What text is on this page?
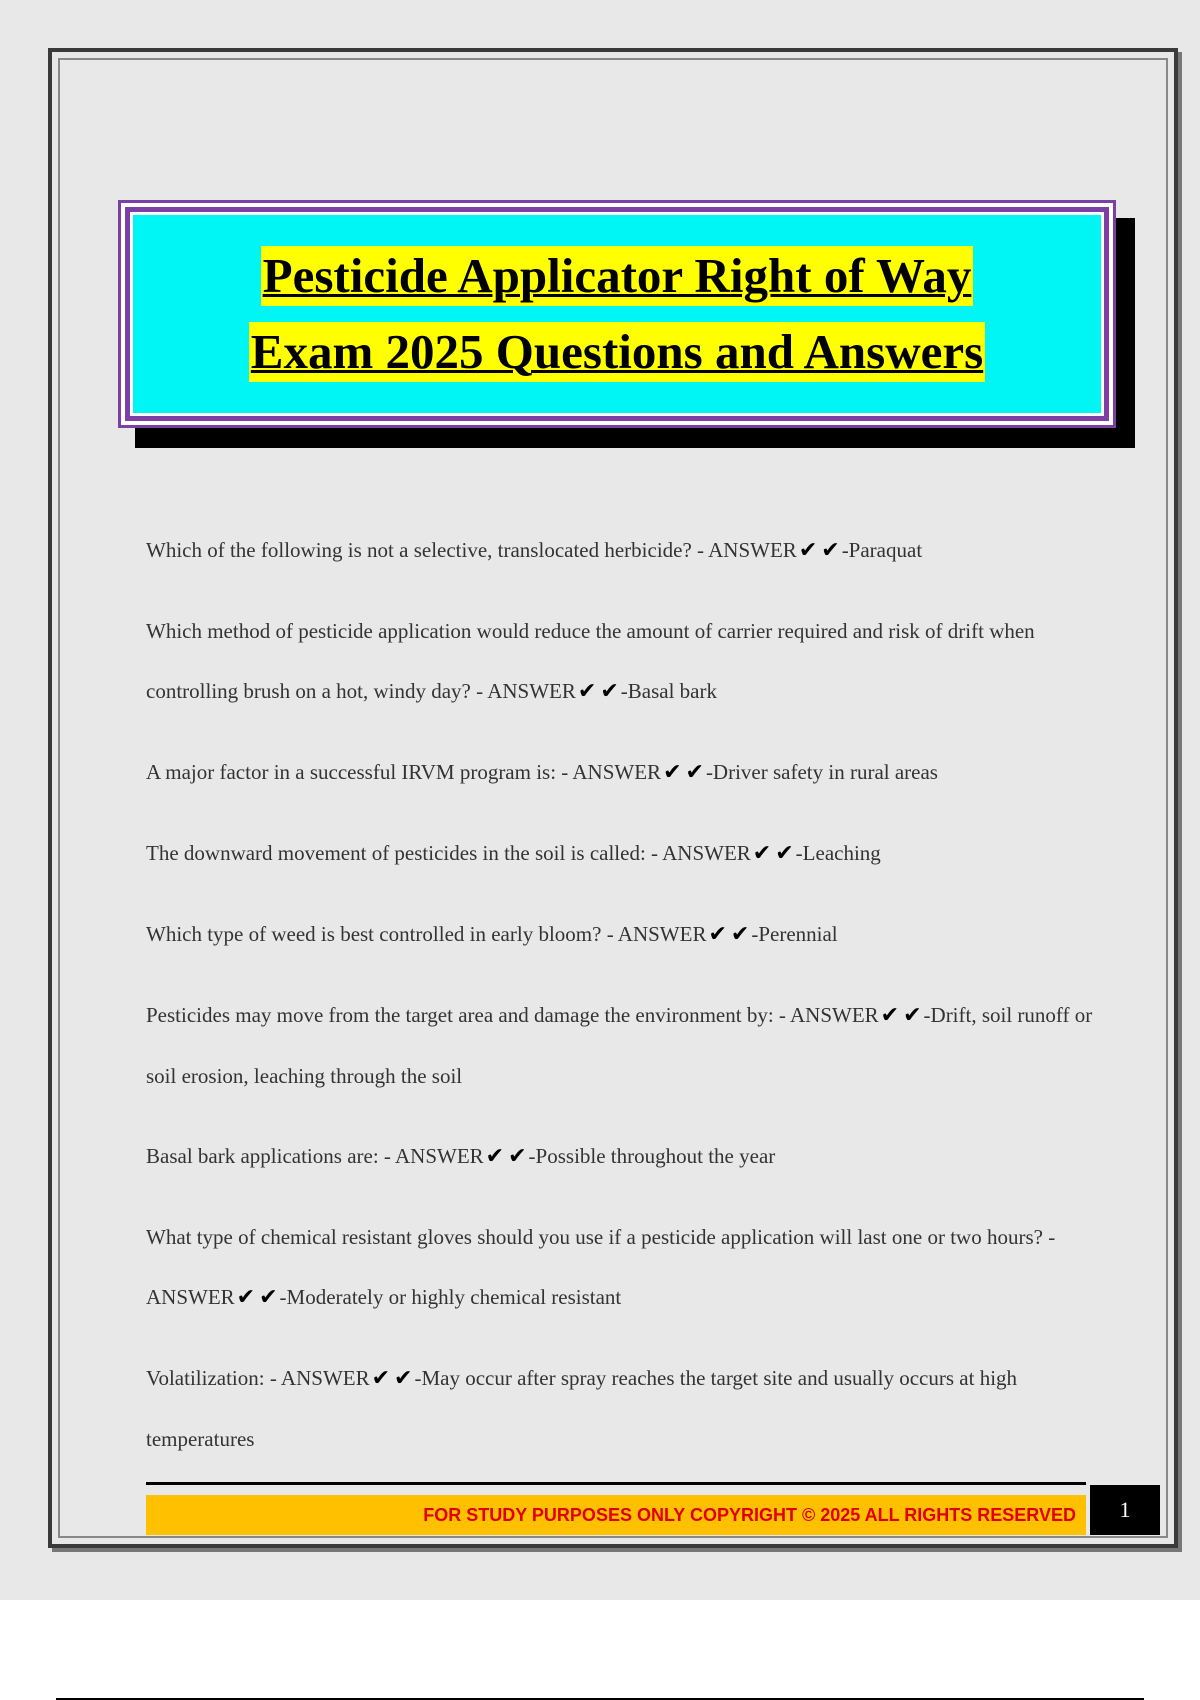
Pesticide Applicator Right of Way
Exam 2025 Questions and Answers

Which of the following is not a selective, translocated herbicide? - ANSWER✔ ✔-Paraquat

Which method of pesticide application would reduce the amount of carrier required and risk of drift when controlling brush on a hot, windy day? - ANSWER✔ ✔-Basal bark

A major factor in a successful IRVM program is: - ANSWER✔ ✔-Driver safety in rural areas

The downward movement of pesticides in the soil is called: - ANSWER✔ ✔-Leaching

Which type of weed is best controlled in early bloom? - ANSWER✔ ✔-Perennial

Pesticides may move from the target area and damage the environment by: - ANSWER✔ ✔-Drift, soil runoff or soil erosion, leaching through the soil

Basal bark applications are: - ANSWER✔ ✔-Possible throughout the year

What type of chemical resistant gloves should you use if a pesticide application will last one or two hours? - ANSWER✔ ✔-Moderately or highly chemical resistant

Volatilization: - ANSWER✔ ✔-May occur after spray reaches the target site and usually occurs at high temperatures

FOR STUDY PURPOSES ONLY COPYRIGHT © 2025 ALL RIGHTS RESERVED	1
